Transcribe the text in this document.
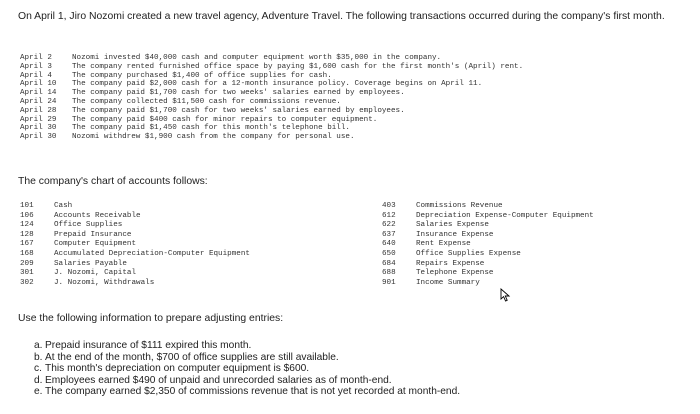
On April 1, Jiro Nozomi created a new travel agency, Adventure Travel. The following transactions occurred during the company's first month.
April 2	Nozomi invested $40,000 cash and computer equipment worth $35,000 in the company.
April 3	The company rented furnished office space by paying $1,600 cash for the first month's (April) rent.
April 4	The company purchased $1,400 of office supplies for cash.
April 10 The company paid $2,000 cash for a 12-month insurance policy. Coverage begins on April 11.
April 14 The company paid $1,700 cash for two weeks' salaries earned by employees.
April 24 The company collected $11,500 cash for commissions revenue.
April 28 The company paid $1,700 cash for two weeks' salaries earned by employees.
April 29 The company paid $400 cash for minor repairs to computer equipment.
April 30 The company paid $1,450 cash for this month's telephone bill.
April 30 Nozomi withdrew $1,900 cash from the company for personal use.
The company's chart of accounts follows:
101	Cash
106	Accounts Receivable
124	Office Supplies
128	Prepaid Insurance
167	Computer Equipment
168	Accumulated Depreciation-Computer Equipment
209	Salaries Payable
301	J. Nozomi, Capital
302	J. Nozomi, Withdrawals
403	Commissions Revenue
612	Depreciation Expense-Computer Equipment
622	Salaries Expense
637	Insurance Expense
640	Rent Expense
650	Office Supplies Expense
684	Repairs Expense
688	Telephone Expense
901	Income Summary
Use the following information to prepare adjusting entries:
a. Prepaid insurance of $111 expired this month.
b. At the end of the month, $700 of office supplies are still available.
c. This month's depreciation on computer equipment is $600.
d. Employees earned $490 of unpaid and unrecorded salaries as of month-end.
e. The company earned $2,350 of commissions revenue that is not yet recorded at month-end.
